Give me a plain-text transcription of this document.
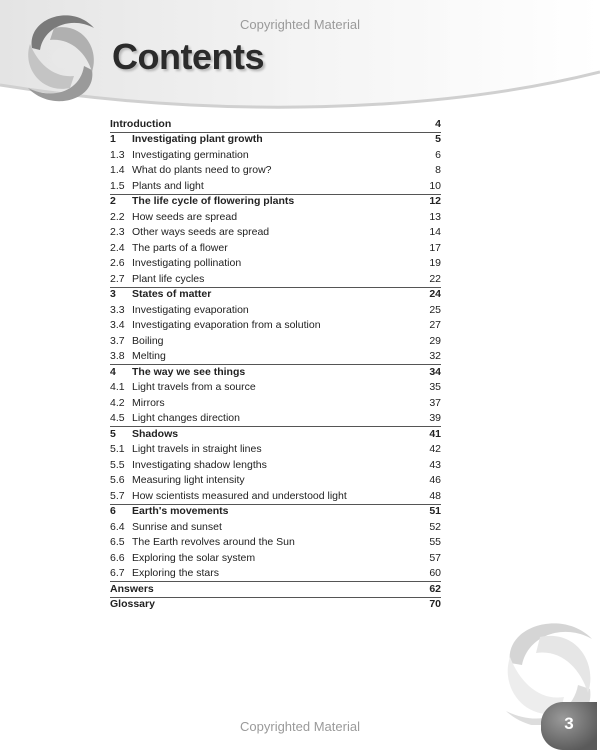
Copyrighted Material
Contents
Introduction	4
1	Investigating plant growth	5
1.3 Investigating germination	6
1.4 What do plants need to grow?	8
1.5 Plants and light	10
2	The life cycle of flowering plants	12
2.2 How seeds are spread	13
2.3 Other ways seeds are spread	14
2.4 The parts of a flower	17
2.6 Investigating pollination	19
2.7 Plant life cycles	22
3	States of matter	24
3.3 Investigating evaporation	25
3.4 Investigating evaporation from a solution	27
3.7 Boiling	29
3.8 Melting	32
4	The way we see things	34
4.1 Light travels from a source	35
4.2 Mirrors	37
4.5 Light changes direction	39
5	Shadows	41
5.1 Light travels in straight lines	42
5.5 Investigating shadow lengths	43
5.6 Measuring light intensity	46
5.7 How scientists measured and understood light	48
6	Earth's movements	51
6.4 Sunrise and sunset	52
6.5 The Earth revolves around the Sun	55
6.6 Exploring the solar system	57
6.7 Exploring the stars	60
Answers	62
Glossary	70
3
Copyrighted Material
